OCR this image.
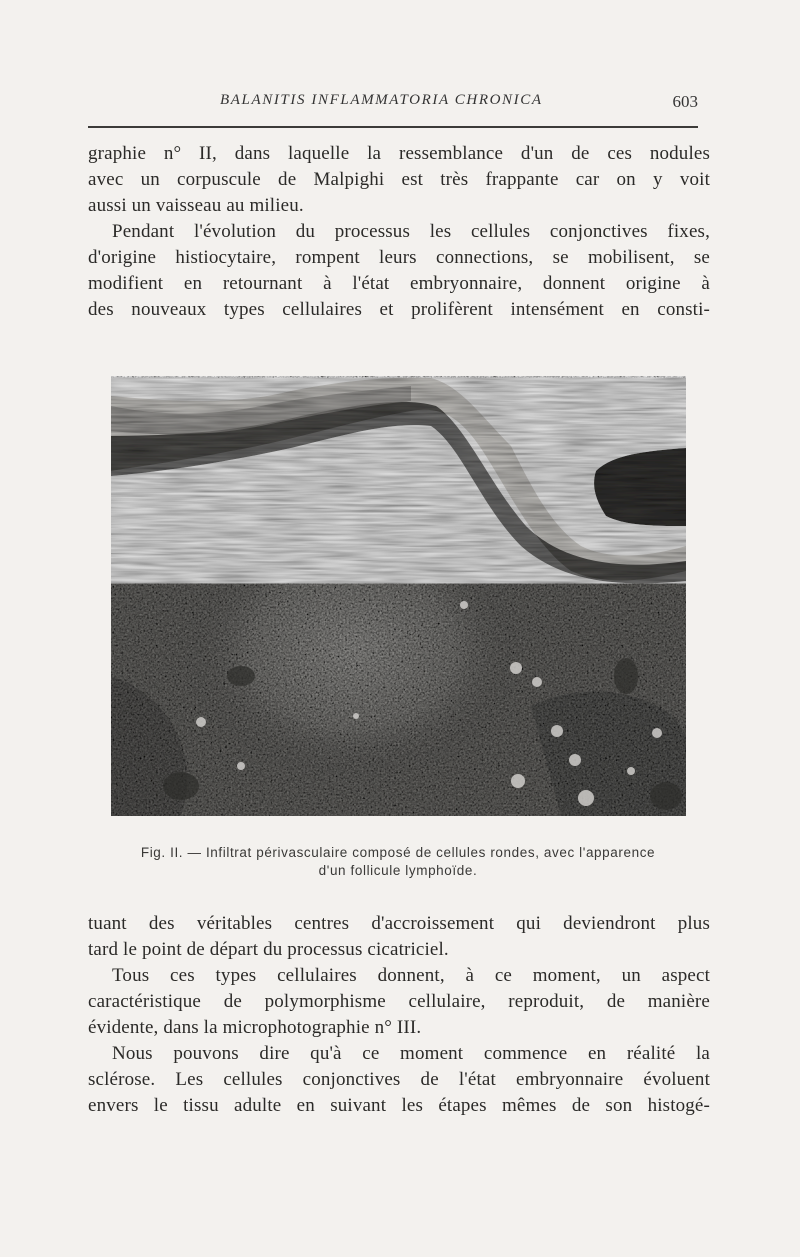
BALANITIS INFLAMMATORIA CHRONICA	603
graphie n° II, dans laquelle la ressemblance d'un de ces nodules
avec un corpuscule de Malpighi est très frappante car on y voit
aussi un vaisseau au milieu.
Pendant l'évolution du processus les cellules conjonctives fixes,
d'origine histiocytaire, rompent leurs connections, se mobilisent, se
modifient en retournant à l'état embryonnaire, donnent origine à
des nouveaux types cellulaires et prolifèrent intensément en consti-
Fig. II. — Infiltrat périvasculaire composé de cellules rondes, avec l'apparence
d'un follicule lymphoïde.
tuant des véritables centres d'accroissement qui deviendront plus
tard le point de départ du processus cicatriciel.
Tous ces types cellulaires donnent, à ce moment, un aspect
caractéristique de polymorphisme cellulaire, reproduit, de manière
évidente, dans la microphotographie n° III.
Nous pouvons dire qu'à ce moment commence en réalité la
sclérose. Les cellules conjonctives de l'état embryonnaire évoluent
envers le tissu adulte en suivant les étapes mêmes de son histogé-
